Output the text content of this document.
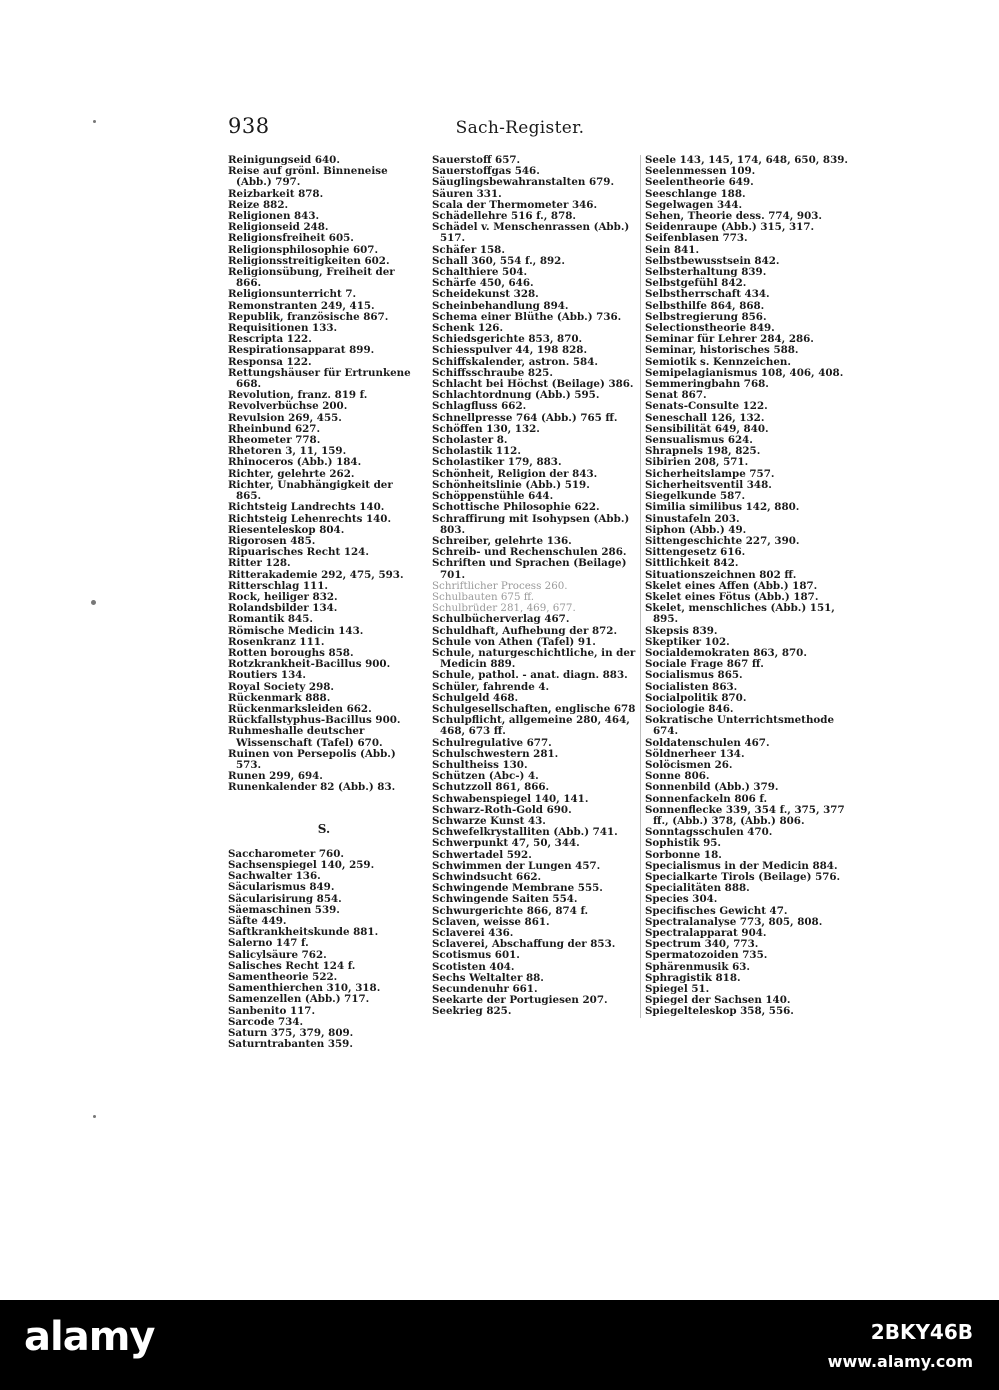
938	Sach-Register.
Reinigungseid 640.
Reise auf grönl. Binneneise (Abb.) 797.
Reizbarkeit 878.
Reize 882.
Religionen 843.
Religionseid 248.
Religionsfreiheit 605.
Religionsphilosophie 607.
Religionsstreitigkeiten 602.
Religionsübung, Freiheit der 866.
Religionsunterricht 7.
Remonstranten 249, 415.
Republik, französische 867.
Requisitionen 133.
Rescripta 122.
Respirationsapparat 899.
Responsa 122.
Rettungshäuser für Ertrunkene 668.
Revolution, franz. 819 f.
Revolverbüchse 200.
Revulsion 269, 455.
Rheinbund 627.
Rheometer 778.
Rhetoren 3, 11, 159.
Rhinoceros (Abb.) 184.
Richter, gelehrte 262.
Richter, Unabhängigkeit der 865.
Richtsteig Landrechts 140.
Richtsteig Lehenrechts 140.
Riesenteleskop 804.
Rigorosen 485.
Ripuarisches Recht 124.
Ritter 128.
Ritterakademie 292, 475, 593.
Ritterschlag 111.
Rock, heiliger 832.
Rolandsbilder 134.
Romantik 845.
Römische Medicin 143.
Rosenkranz 111.
Rotten boroughs 858.
Rotzkrankheit-Bacillus 900.
Routiers 134.
Royal Society 298.
Rückenmark 888.
Rückenmarksleiden 662.
Rückfallstyphus-Bacillus 900.
Ruhmeshalle deutscher Wissenschaft (Tafel) 670.
Ruinen von Persepolis (Abb.) 573.
Runen 299, 694.
Runenkalender 82 (Abb.) 83.
S.
Saccharometer 760.
Sachsenspiegel 140, 259.
Sachwalter 136.
Säcularismus 849.
Säcularisirung 854.
Säemaschinen 539.
Säfte 449.
Saftkrankheitskunde 881.
Salerno 147 f.
Salicylsäure 762.
Salisches Recht 124 f.
Samentheorie 522.
Samenthierchen 310, 318.
Samenzellen (Abb.) 717.
Sanbenito 117.
Sarcode 734.
Saturn 375, 379, 809.
Saturntrabanten 359.
Sauerstoff 657.
Sauerstoffgas 546.
Säuglingsbewahranstalten 679.
Säuren 331.
Scala der Thermometer 346.
Schädellehre 516 f., 878.
Schädel v. Menschenrassen (Abb.) 517.
Schäfer 158.
Schall 360, 554 f., 892.
Schalthiere 504.
Schärfe 450, 646.
Scheidekunst 328.
Scheinbehandlung 894.
Schema einer Blüthe (Abb.) 736.
Schenk 126.
Schiedsgerichte 853, 870.
Schiesspulver 44, 198 828.
Schiffskalender, astron. 584.
Schiffsschraube 825.
Schlacht bei Höchst (Beilage) 386.
Schlachtordnung (Abb.) 595.
Schlagfluss 662.
Schnellpresse 764 (Abb.) 765 ff.
Schöffen 130, 132.
Scholaster 8.
Scholastik 112.
Scholastiker 179, 883.
Schönheit, Religion der 843.
Schönheitslinie (Abb.) 519.
Schöppenstühle 644.
Schottische Philosophie 622.
Schraffirung mit Isohypsen (Abb.) 803.
Schreiber, gelehrte 136.
Schreib- und Rechenschulen 286.
Schriften und Sprachen (Beilage) 701.
Schriftlicher Process 260.
Schulbauten 675 ff.
Schulbrüder 281, 469, 677.
Schulbücherverlag 467.
Schuldhaft, Aufhebung der 872.
Schule von Athen (Tafel) 91.
Schule, naturgeschichtliche, in der Medicin 889.
Schule, pathol. - anat. diagn. 883.
Schüler, fahrende 4.
Schulgeld 468.
Schulgesellschaften, englische 678
Schulpflicht, allgemeine 280, 464, 468, 673 ff.
Schulregulative 677.
Schulschwestern 281.
Schultheiss 130.
Schützen (Abc-) 4.
Schutzzoll 861, 866.
Schwabenspiegel 140, 141.
Schwarz-Roth-Gold 690.
Schwarze Kunst 43.
Schwefelkrystalliten (Abb.) 741.
Schwerpunkt 47, 50, 344.
Schwertadel 592.
Schwimmen der Lungen 457.
Schwindsucht 662.
Schwingende Membrane 555.
Schwingende Saiten 554.
Schwurgerichte 866, 874 f.
Sclaven, weisse 861.
Sclaverei 436.
Sclaverei, Abschaffung der 853.
Scotismus 601.
Scotisten 404.
Sechs Weltalter 88.
Secundenuhr 661.
Seekarte der Portugiesen 207.
Seekrieg 825.
Seele 143, 145, 174, 648, 650, 839.
Seelenmessen 109.
Seelentheorie 649.
Seeschlange 188.
Segelwagen 344.
Sehen, Theorie dess. 774, 903.
Seidenraupe (Abb.) 315, 317.
Seifenblasen 773.
Sein 841.
Selbstbewusstsein 842.
Selbsterhaltung 839.
Selbstgefühl 842.
Selbstherrschaft 434.
Selbsthilfe 864, 868.
Selbstregierung 856.
Selectionstheorie 849.
Seminar für Lehrer 284, 286.
Seminar, historisches 588.
Semiotik s. Kennzeichen.
Semipelagianismus 108, 406, 408.
Semmeringbahn 768.
Senat 867.
Senats-Consulte 122.
Seneschall 126, 132.
Sensibilität 649, 840.
Sensualismus 624.
Shrapnels 198, 825.
Sibirien 208, 571.
Sicherheitslampe 757.
Sicherheitsventil 348.
Siegelkunde 587.
Similia similibus 142, 880.
Sinustafeln 203.
Siphon (Abb.) 49.
Sittengeschichte 227, 390.
Sittengesetz 616.
Sittlichkeit 842.
Situationszeichnen 802 ff.
Skelet eines Affen (Abb.) 187.
Skelet eines Fötus (Abb.) 187.
Skelet, menschliches (Abb.) 151, 895.
Skepsis 839.
Skeptiker 102.
Socialdemokraten 863, 870.
Sociale Frage 867 ff.
Socialismus 865.
Socialisten 863.
Socialpolitik 870.
Sociologie 846.
Sokratische Unterrichtsmethode 674.
Soldatenschulen 467.
Söldnerheer 134.
Solöcismen 26.
Sonne 806.
Sonnenbild (Abb.) 379.
Sonnenfackeln 806 f.
Sonnenflecke 339, 354 f., 375, 377 ff., (Abb.) 378, (Abb.) 806.
Sonntagsschulen 470.
Sophistik 95.
Sorbonne 18.
Specialismus in der Medicin 884.
Specialkarte Tirols (Beilage) 576.
Specialitäten 888.
Species 304.
Specifisches Gewicht 47.
Spectralanalyse 773, 805, 808.
Spectralapparat 904.
Spectrum 340, 773.
Spermatozoiden 735.
Sphärenmusik 63.
Sphragistik 818.
Spiegel 51.
Spiegel der Sachsen 140.
Spiegelteleskop 358, 556.
alamy	2BKY46B
www.alamy.com
